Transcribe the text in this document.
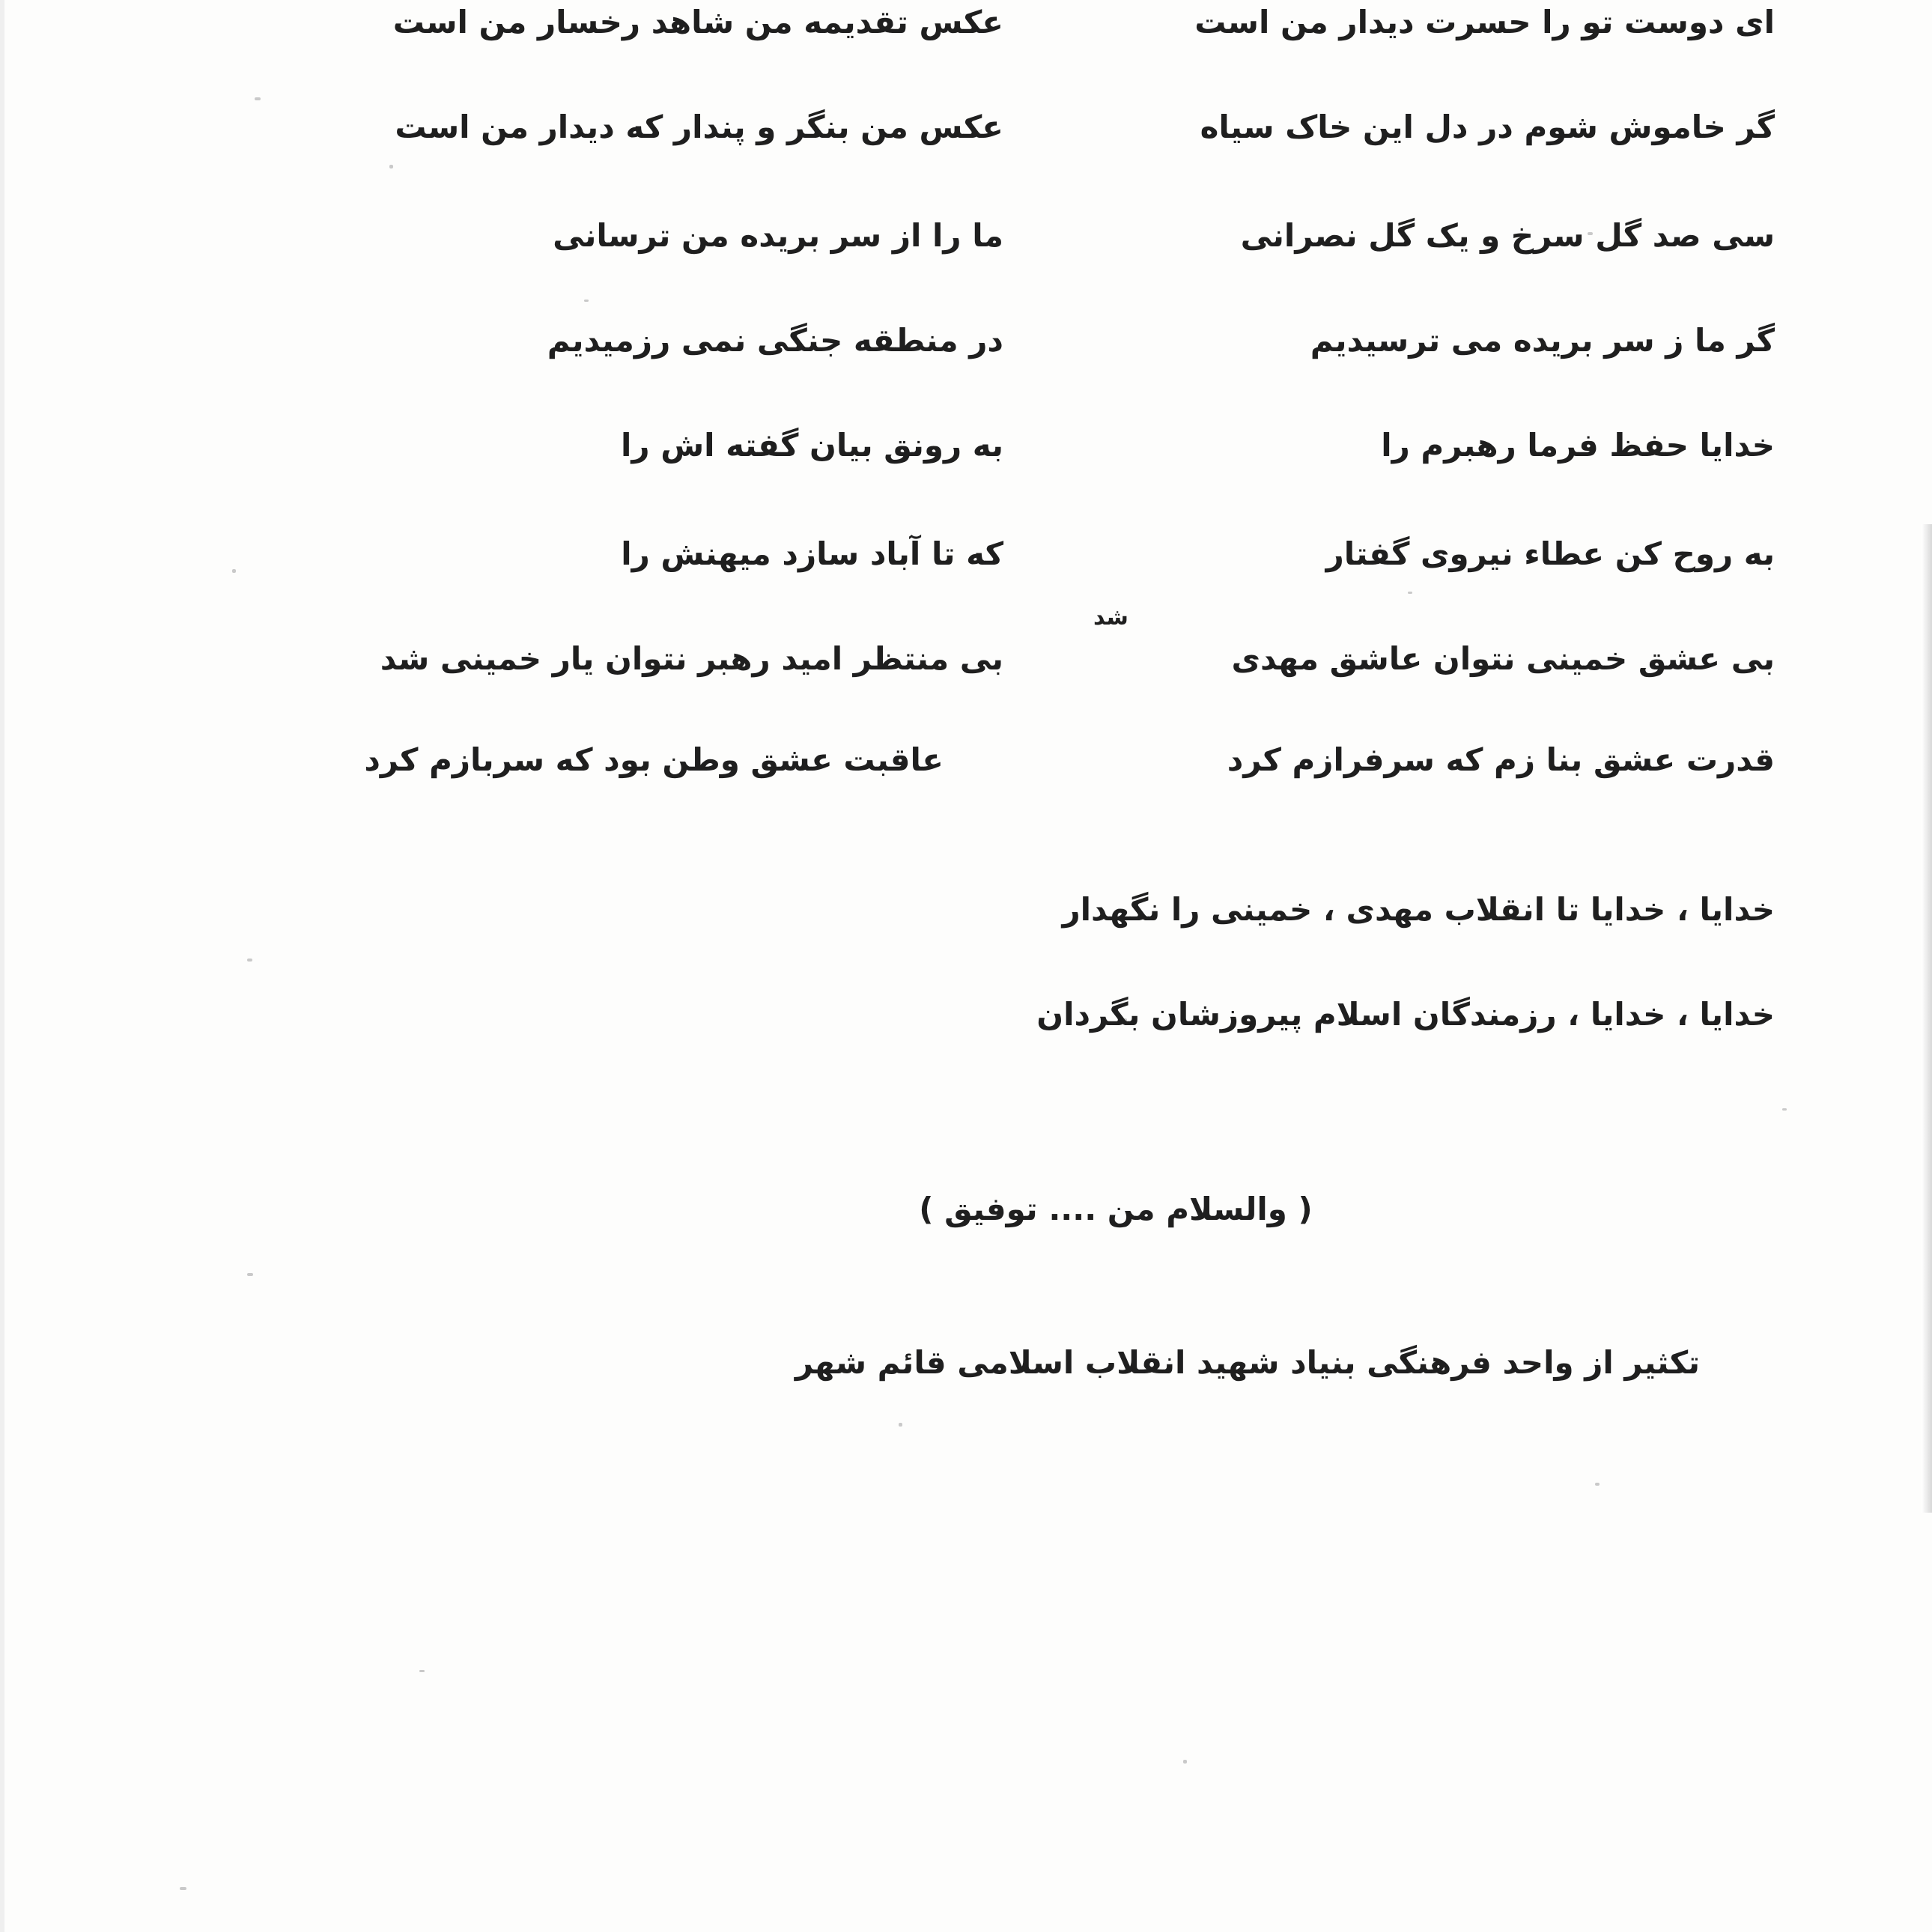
ای دوست تو را حسرت دیدار من است
عکس تقدیمه من شاهد رخسار من است
گر خاموش شوم در دل این خاک سیاه
عکس من بنگر و پندار که دیدار من است
سی صد گل سرخ و یک گل نصرانی
ما را از سر بریده من ترسانی
گر ما ز سر بریده می ترسیدیم
در منطقه جنگی نمی رزمیدیم
خدایا حفظ فرما رهبرم را
به رونق بیان گفته اش را
به روح کن عطاء نیروی گفتار
که تا آباد سازد میهنش را
شد
بی عشق خمینی نتوان عاشق مهدی
بی منتظر امید رهبر نتوان یار خمینی شد
قدرت عشق بنا زم که سرفرازم کرد
عاقبت عشق وطن بود که سربازم کرد
خدایا ، خدایا تا انقلاب مهدی ، خمینی را نگهدار
خدایا ، خدایا ، رزمندگان اسلام پیروزشان بگردان
( والسلام من .... توفیق )
تکثیر از واحد فرهنگی بنیاد شهید انقلاب اسلامی قائم شهر
